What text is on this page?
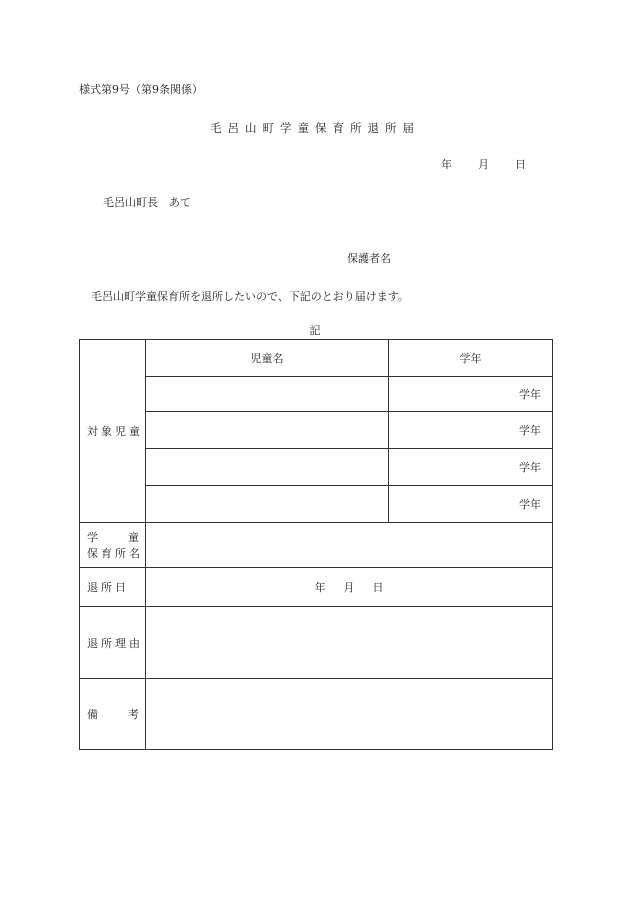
様式第9号（第9条関係）
毛呂山町学童保育所退所届
年 月 日
毛呂山町長　あて
保護者名
毛呂山町学童保育所を退所したいので、下記のとおり届けます。
記
対象児童	児童名	学年
		学年
		学年
		学年
		学年

学 童
保育所名		

退所日	年 月 日	
退所理由		

備 考		
